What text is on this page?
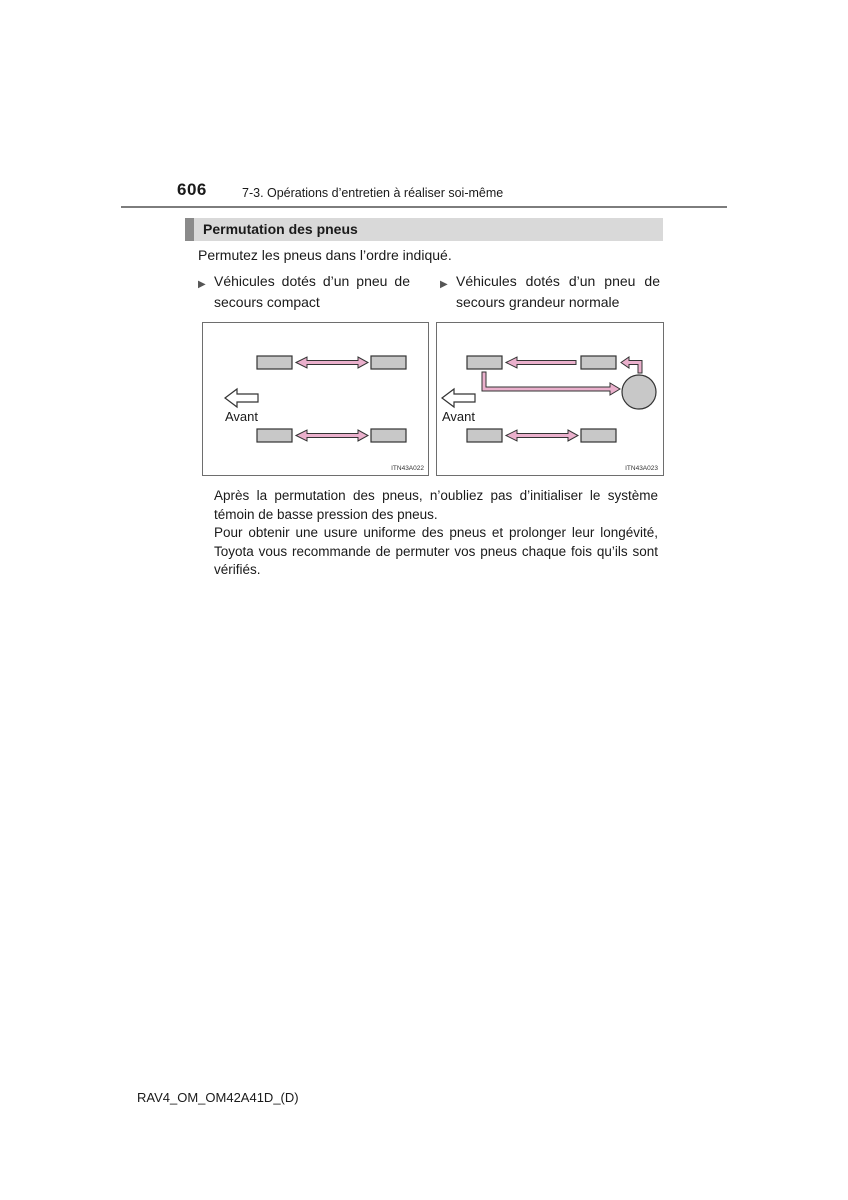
606	7-3. Opérations d’entretien à réaliser soi-même
Permutation des pneus
Permutez les pneus dans l’ordre indiqué.
▶ Véhicules dotés d’un pneu de secours compact
▶ Véhicules dotés d’un pneu de secours grandeur normale
Avant
ITN43A022
Avant
ITN43A023

Après la permutation des pneus, n’oubliez pas d’initialiser le système témoin de basse pression des pneus.

Pour obtenir une usure uniforme des pneus et prolonger leur longévité, Toyota vous recommande de permuter vos pneus chaque fois qu’ils sont vérifiés.

RAV4_OM_OM42A41D_(D)
